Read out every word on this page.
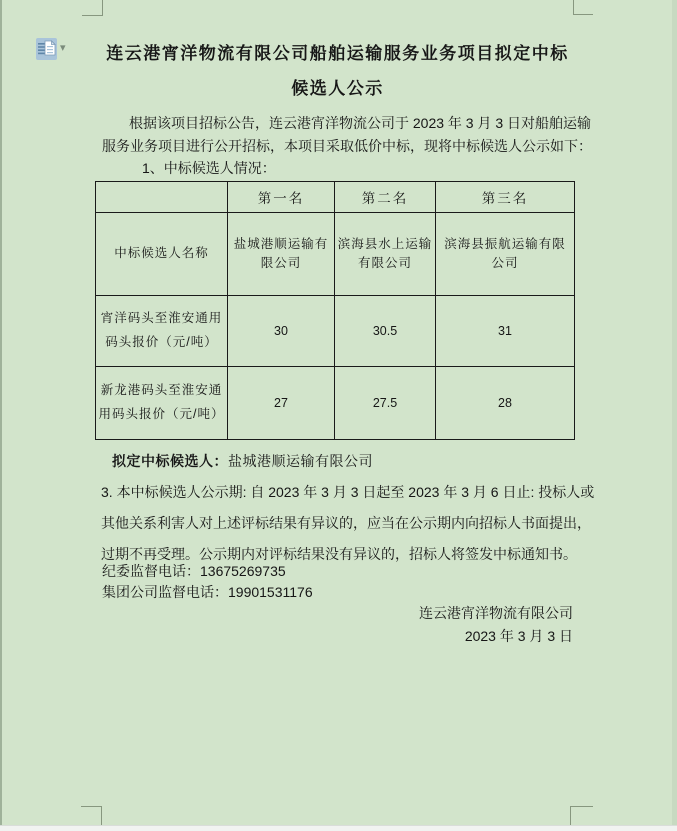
▾ 连云港宵洋物流有限公司船舶运输服务业务项目拟定中标
候选人公示
根据该项目招标公告，连云港宵洋物流公司于 2023 年 3 月 3 日对船舶运输
服务业务项目进行公开招标，本项目采取低价中标，现将中标候选人公示如下：
1、中标候选人情况：
	第一名	第二名	第三名
中标候选人名称	盐城港顺运输有限公司	滨海县水上运输有限公司	滨海县振航运输有限公司
宵洋码头至淮安通用码头报价（元/吨）	30	30.5	31
新龙港码头至淮安通用码头报价（元/吨）	27	27.5	28
拟定中标候选人：盐城港顺运输有限公司
3. 本中标候选人公示期: 自 2023 年 3 月 3 日起至 2023 年 3 月 6 日止: 投标人或
其他关系利害人对上述评标结果有异议的，应当在公示期内向招标人书面提出，
过期不再受理。公示期内对评标结果没有异议的，招标人将签发中标通知书。
纪委监督电话：13675269735
集团公司监督电话：19901531176
连云港宵洋物流有限公司
2023 年 3 月 3 日
